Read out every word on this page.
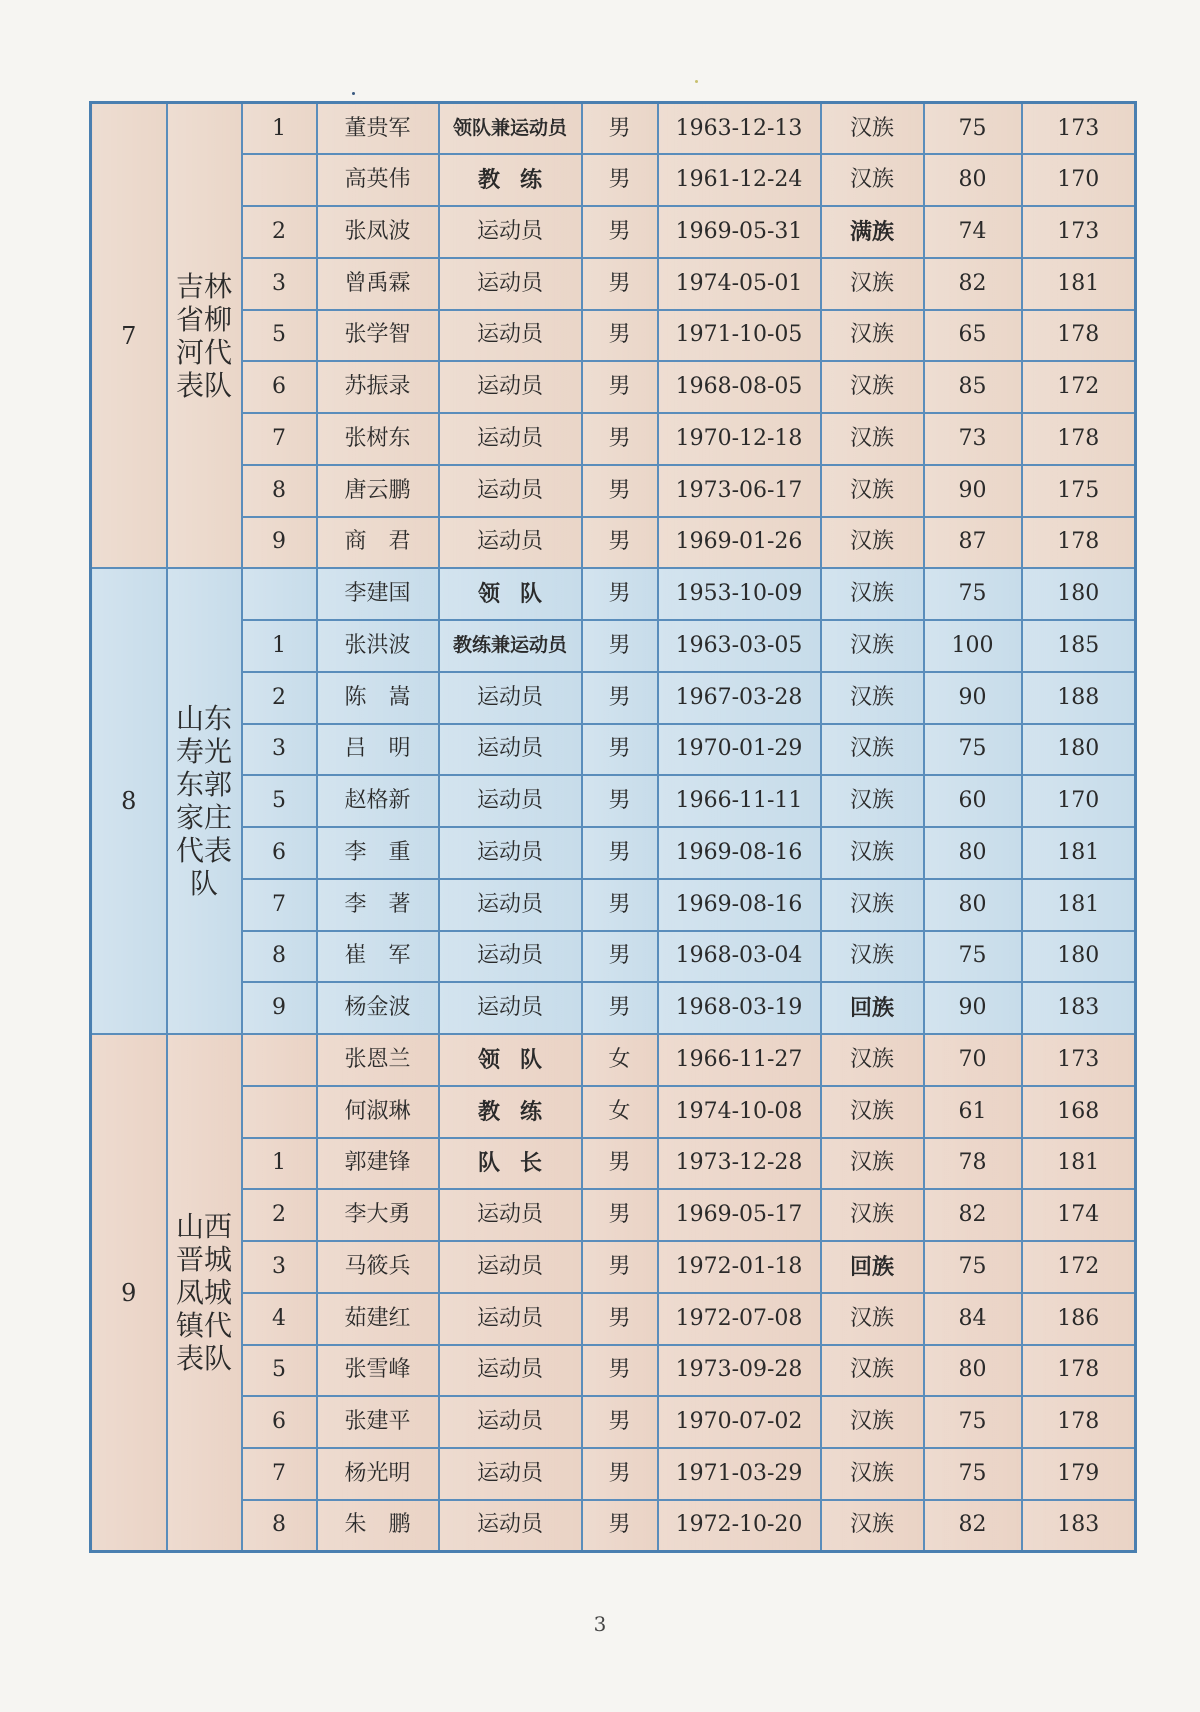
7	吉林省柳河代表队	1	董贵军	领队兼运动员	男	1963-12-13	汉族	75	173
			高英伟	教练	男	1961-12-24	汉族	80	170
		2	张凤波	运动员	男	1969-05-31	满族	74	173
		3	曾禹霖	运动员	男	1974-05-01	汉族	82	181
		5	张学智	运动员	男	1971-10-05	汉族	65	178
		6	苏振录	运动员	男	1968-08-05	汉族	85	172
		7	张树东	运动员	男	1970-12-18	汉族	73	178
		8	唐云鹏	运动员	男	1973-06-17	汉族	90	175
		9	商　君	运动员	男	1969-01-26	汉族	87	178
8	山东寿光东郭家庄代表队		李建国	领队	男	1953-10-09	汉族	75	180
		1	张洪波	教练兼运动员	男	1963-03-05	汉族	100	185
		2	陈　嵩	运动员	男	1967-03-28	汉族	90	188
		3	吕　明	运动员	男	1970-01-29	汉族	75	180
		5	赵格新	运动员	男	1966-11-11	汉族	60	170
		6	李　重	运动员	男	1969-08-16	汉族	80	181
		7	李　著	运动员	男	1969-08-16	汉族	80	181
		8	崔　军	运动员	男	1968-03-04	汉族	75	180
		9	杨金波	运动员	男	1968-03-19	回族	90	183
9	山西晋城凤城镇代表队		张恩兰	领队	女	1966-11-27	汉族	70	173
			何淑琳	教练	女	1974-10-08	汉族	61	168
		1	郭建锋	队长	男	1973-12-28	汉族	78	181
		2	李大勇	运动员	男	1969-05-17	汉族	82	174
		3	马筱兵	运动员	男	1972-01-18	回族	75	172
		4	茹建红	运动员	男	1972-07-08	汉族	84	186
		5	张雪峰	运动员	男	1973-09-28	汉族	80	178
		6	张建平	运动员	男	1970-07-02	汉族	75	178
		7	杨光明	运动员	男	1971-03-29	汉族	75	179
		8	朱　鹏	运动员	男	1972-10-20	汉族	82	183
3
